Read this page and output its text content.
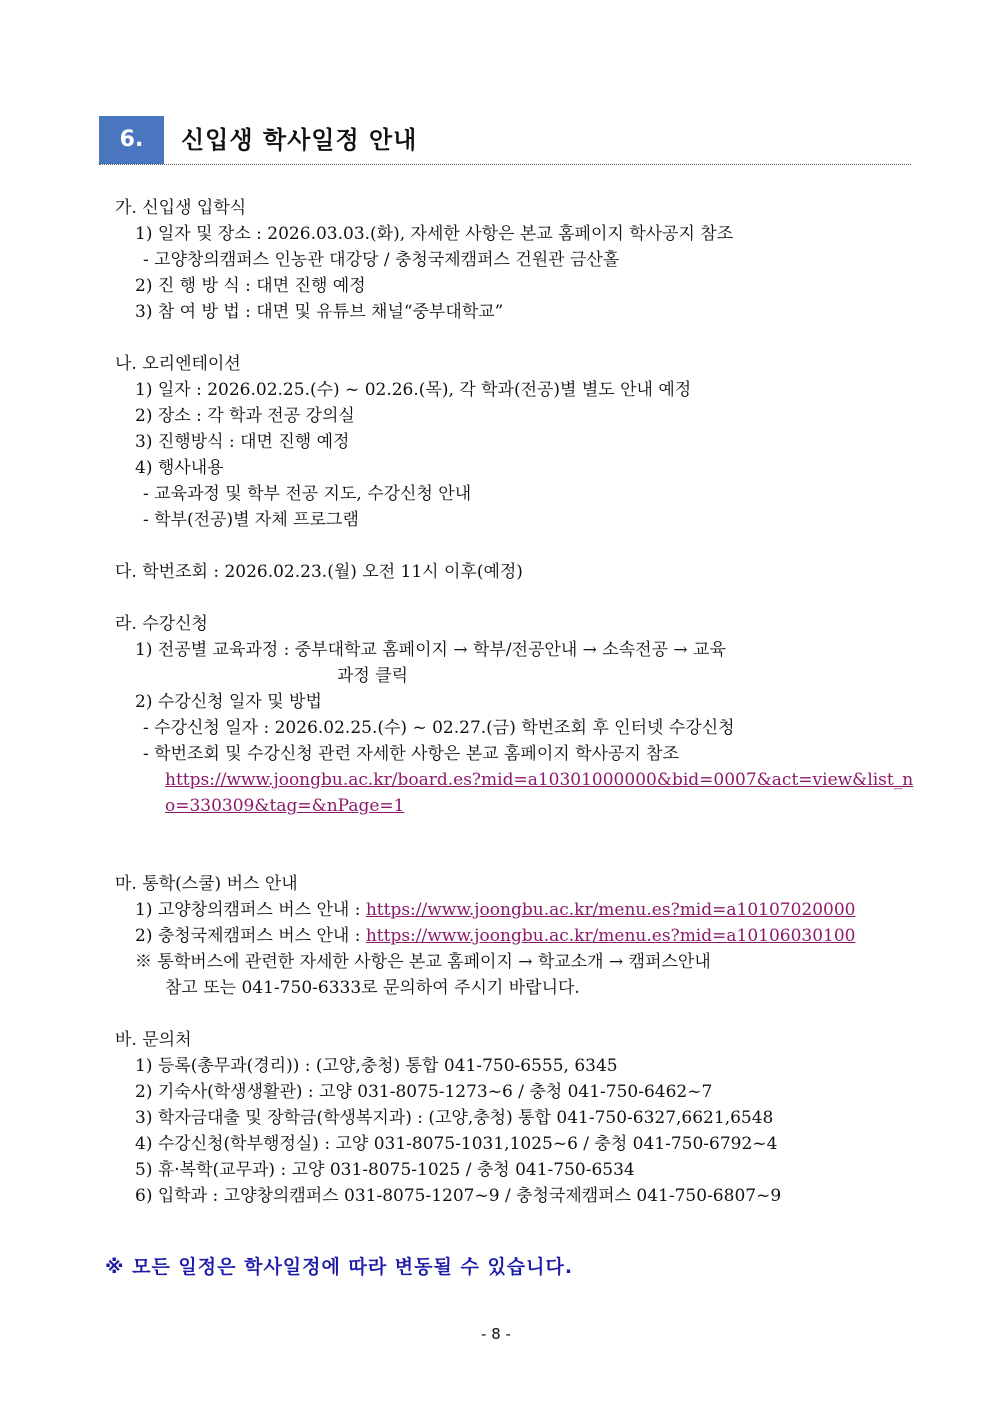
6.	신입생 학사일정 안내
가. 신입생 입학식
1) 일자 및 장소 : 2026.03.03.(화), 자세한 사항은 본교 홈페이지 학사공지 참조
- 고양창의캠퍼스 인농관 대강당 / 충청국제캠퍼스 건원관 금산홀
2) 진 행 방 식 : 대면 진행 예정
3) 참 여 방 법 : 대면 및 유튜브 채널“중부대학교”
나. 오리엔테이션
1) 일자 : 2026.02.25.(수) ~ 02.26.(목), 각 학과(전공)별 별도 안내 예정
2) 장소 : 각 학과 전공 강의실
3) 진행방식 : 대면 진행 예정
4) 행사내용
- 교육과정 및 학부 전공 지도, 수강신청 안내
- 학부(전공)별 자체 프로그램
다. 학번조회 : 2026.02.23.(월) 오전 11시 이후(예정)
라. 수강신청
1) 전공별 교육과정 : 중부대학교 홈페이지 → 학부/전공안내 → 소속전공 → 교육
과정 클릭
2) 수강신청 일자 및 방법
- 수강신청 일자 : 2026.02.25.(수) ~ 02.27.(금) 학번조회 후 인터넷 수강신청
- 학번조회 및 수강신청 관련 자세한 사항은 본교 홈페이지 학사공지 참조
https://www.joongbu.ac.kr/board.es?mid=a10301000000&bid=0007&act=view&list_n
o=330309&tag=&nPage=1
마. 통학(스쿨) 버스 안내
1) 고양창의캠퍼스 버스 안내 : https://www.joongbu.ac.kr/menu.es?mid=a10107020000
2) 충청국제캠퍼스 버스 안내 : https://www.joongbu.ac.kr/menu.es?mid=a10106030100
※ 통학버스에 관련한 자세한 사항은 본교 홈페이지 → 학교소개 → 캠퍼스안내
참고 또는 041-750-6333로 문의하여 주시기 바랍니다.
바. 문의처
1) 등록(총무과(경리)) : (고양,충청) 통합 041-750-6555, 6345
2) 기숙사(학생생활관) : 고양 031-8075-1273~6 / 충청 041-750-6462~7
3) 학자금대출 및 장학금(학생복지과) : (고양,충청) 통합 041-750-6327,6621,6548
4) 수강신청(학부행정실) : 고양 031-8075-1031,1025~6 / 충청 041-750-6792~4
5) 휴·복학(교무과) : 고양 031-8075-1025 / 충청 041-750-6534
6) 입학과 : 고양창의캠퍼스 031-8075-1207~9 / 충청국제캠퍼스 041-750-6807~9
※ 모든 일정은 학사일정에 따라 변동될 수 있습니다.
- 8 -
